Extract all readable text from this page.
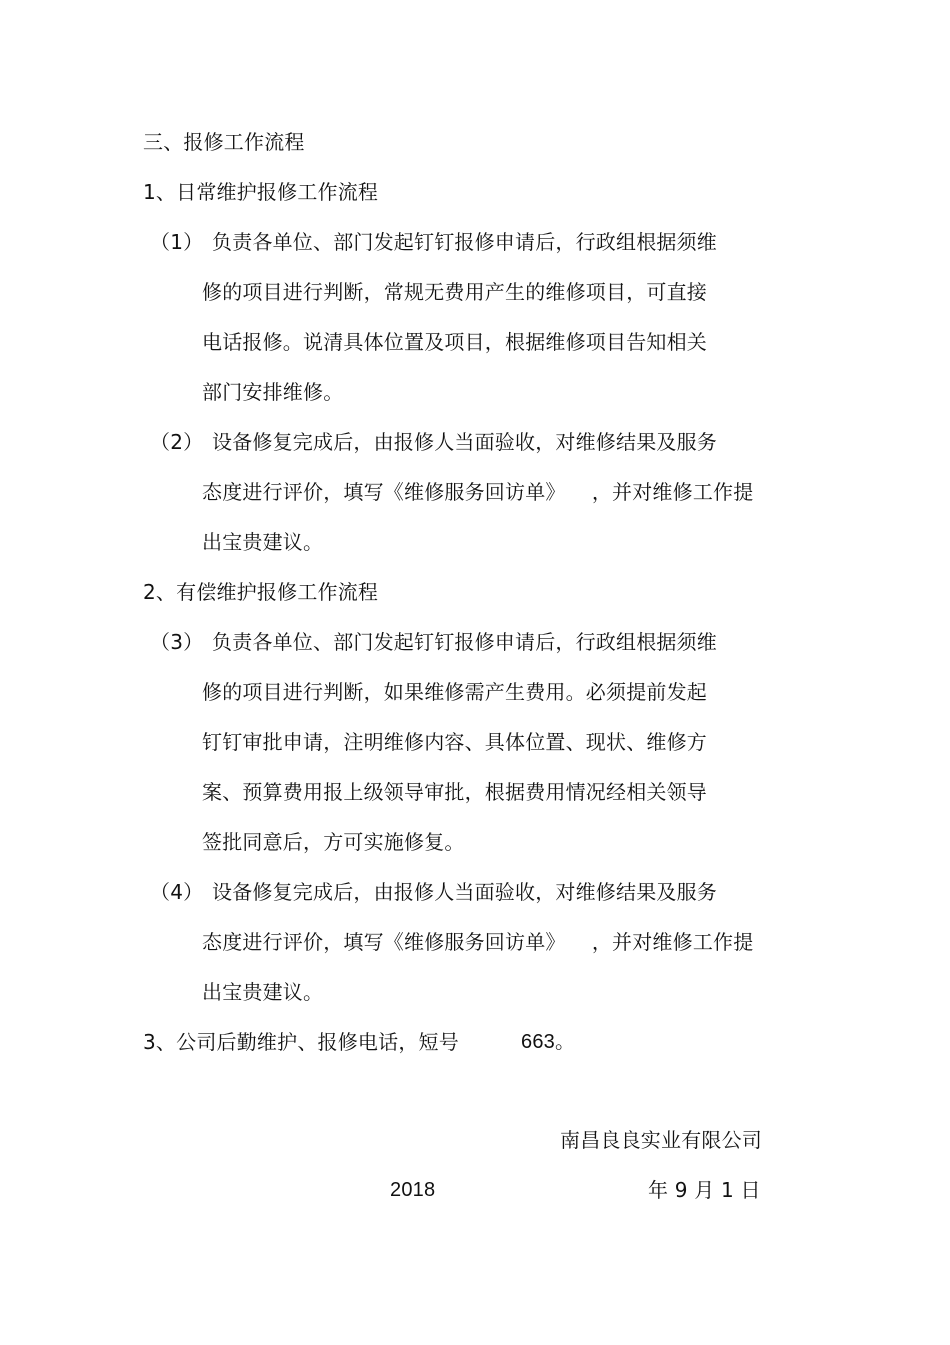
三、报修工作流程
1、日常维护报修工作流程
（1） 负责各单位、部门发起钉钉报修申请后，行政组根据须维
修的项目进行判断，常规无费用产生的维修项目，可直接
电话报修。说清具体位置及项目，根据维修项目告知相关
部门安排维修。
（2） 设备修复完成后，由报修人当面验收，对维修结果及服务
态度进行评价，填写《维修服务回访单》    ，并对维修工作提
出宝贵建议。
2、有偿维护报修工作流程
（3） 负责各单位、部门发起钉钉报修申请后，行政组根据须维
修的项目进行判断，如果维修需产生费用。必须提前发起
钉钉审批申请，注明维修内容、具体位置、现状、维修方
案、预算费用报上级领导审批，根据费用情况经相关领导
签批同意后，方可实施修复。
（4） 设备修复完成后，由报修人当面验收，对维修结果及服务
态度进行评价，填写《维修服务回访单》    ，并对维修工作提
出宝贵建议。
3、公司后勤维护、报修电话，短号	663。
南昌良良实业有限公司
2018	年 9 月 1 日
